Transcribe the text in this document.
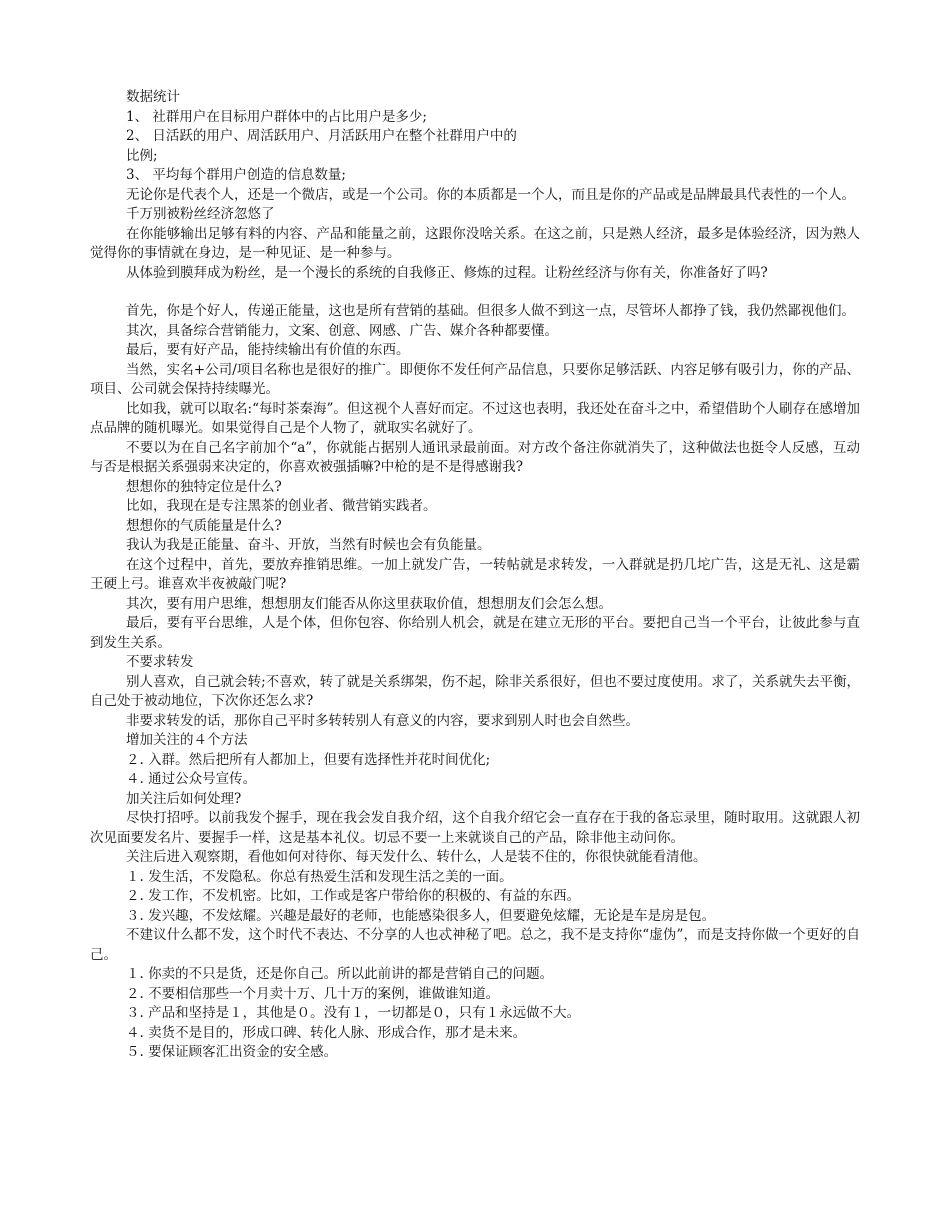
数据统计

1、 社群用户在目标用户群体中的占比用户是多少;

2、 日活跃的用户、周活跃用户、月活跃用户在整个社群用户中的

比例;

3、 平均每个群用户创造的信息数量;

无论你是代表个人，还是一个微店，或是一个公司。你的本质都是一个人，而且是你的产品或是品牌最具代表性的一个人。

千万别被粉丝经济忽悠了

在你能够输出足够有料的内容、产品和能量之前，这跟你没啥关系。在这之前，只是熟人经济，最多是体验经济，因为熟人觉得你的事情就在身边，是一种见证、是一种参与。

从体验到膜拜成为粉丝，是一个漫长的系统的自我修正、修炼的过程。让粉丝经济与你有关，你准备好了吗?

首先，你是个好人，传递正能量，这也是所有营销的基础。但很多人做不到这一点，尽管坏人都挣了钱，我仍然鄙视他们。

其次，具备综合营销能力，文案、创意、网感、广告、媒介各种都要懂。

最后，要有好产品，能持续输出有价值的东西。

当然，实名+公司/项目名称也是很好的推广。即便你不发任何产品信息，只要你足够活跃、内容足够有吸引力，你的产品、项目、公司就会保持持续曝光。

比如我，就可以取名:“每时茶秦海”。但这视个人喜好而定。不过这也表明，我还处在奋斗之中，希望借助个人刷存在感增加点品牌的随机曝光。如果觉得自己是个人物了，就取实名就好了。

不要以为在自己名字前加个“a”，你就能占据别人通讯录最前面。对方改个备注你就消失了，这种做法也挺令人反感，互动与否是根据关系强弱来决定的，你喜欢被强插嘛?中枪的是不是得感谢我?

想想你的独特定位是什么?

比如，我现在是专注黑茶的创业者、微营销实践者。

想想你的气质能量是什么?

我认为我是正能量、奋斗、开放，当然有时候也会有负能量。

在这个过程中，首先，要放弃推销思维。一加上就发广告，一转帖就是求转发，一入群就是扔几坨广告，这是无礼、这是霸王硬上弓。谁喜欢半夜被敲门呢?

其次，要有用户思维，想想朋友们能否从你这里获取价值，想想朋友们会怎么想。

最后，要有平台思维，人是个体，但你包容、你给别人机会，就是在建立无形的平台。要把自己当一个平台，让彼此参与直到发生关系。

不要求转发

别人喜欢，自己就会转;不喜欢，转了就是关系绑架，伤不起，除非关系很好，但也不要过度使用。求了，关系就失去平衡，自己处于被动地位，下次你还怎么求?

非要求转发的话，那你自己平时多转转别人有意义的内容，要求到别人时也会自然些。

增加关注的４个方法

２. 入群。然后把所有人都加上，但要有选择性并花时间优化;

４. 通过公众号宣传。

加关注后如何处理?

尽快打招呼。以前我发个握手，现在我会发自我介绍，这个自我介绍它会一直存在于我的备忘录里，随时取用。这就跟人初次见面要发名片、要握手一样，这是基本礼仪。切忌不要一上来就谈自己的产品，除非他主动问你。

关注后进入观察期，看他如何对待你、每天发什么、转什么，人是装不住的，你很快就能看清他。

１. 发生活，不发隐私。你总有热爱生活和发现生活之美的一面。

２. 发工作，不发机密。比如，工作或是客户带给你的积极的、有益的东西。

３. 发兴趣，不发炫耀。兴趣是最好的老师，也能感染很多人，但要避免炫耀，无论是车是房是包。

不建议什么都不发，这个时代不表达、不分享的人也忒神秘了吧。总之，我不是支持你“虚伪”，而是支持你做一个更好的自己。

１. 你卖的不只是货，还是你自己。所以此前讲的都是营销自己的问题。

２. 不要相信那些一个月卖十万、几十万的案例，谁做谁知道。

３. 产品和坚持是１，其他是０。没有１，一切都是０，只有１永远做不大。

４. 卖货不是目的，形成口碑、转化人脉、形成合作，那才是未来。

５. 要保证顾客汇出资金的安全感。
